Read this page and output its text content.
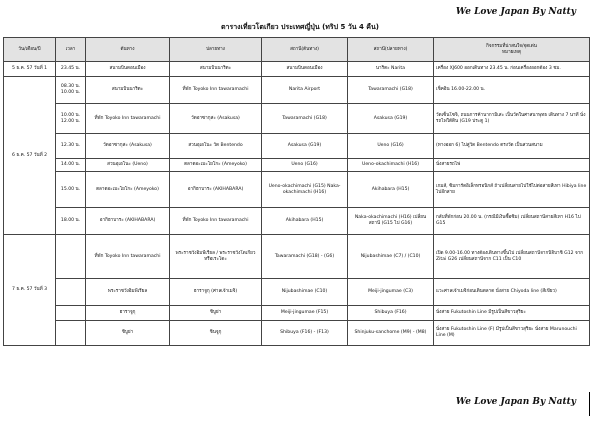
We Love Japan By Natty
ตารางเที่ยวโตเกียว ประเทศญี่ปุ่น (ทริป 5 วัน 4 คืน)
วัน/เดือน/ปี	เวลา	ต้นทาง	ปลายทาง	สถานี(ต้นทาง)	สถานี(ปลายทาง)	กิจกรรมที่น่าสนใจ/จุดเด่น
หมายเหตุ
5 ธ.ค. 57 วันที่ 1	23.45 น.	สนามบินดอนเมือง	สนามบินนาริตะ	สนามบินดอนเมือง	นาริตะ Narita	เครื่อง XJ600 ออกเดินทาง 23.45 น. ก่อนเครื่องออกต้อง 3 ชม.
6 ธ.ค. 57 วันที่ 2	08.30 น. 10.00 น.	สนามบินนาริตะ	ที่พัก Toyoko Inn tawaramachi	Narita Airport	Tawaramachi (G18)	เช็คอิน 16.00-22.00 น.
	10.00 น. 12.00 น.	ที่พัก Toyoko Inn tawaramachi	วัดอาซากุสะ (Asakusa)	Tawaramachi (G18)	Asakusa (G19)	วัดเซ็นโซจิ, ถนนการค้านากามิเสะ เป็นวัดในศาสนาพุทธ เดินทาง 7 นาที นั่งรถไฟใต้ดิน (G19 ประตู 1)
	12.30 น.	วัดอาซากุสะ (Asakusa)	สวนอุเอโนะ วัด Bentendo	Asakusa (G19)	Ueno (G16)	(ทางออก 6) ไปสู่วัด Bentendo ตรงวัด เป็นสวนสนาม
	14.00 น.	สวนอุเอโนะ (Ueno)	ตลาดอะเมะโยโกะ (Ameyoko)	Ueno (G16)	Ueno-okachimachi (H16)	นั่งสายรถไฟ
	15.00 น.	ตลาดอะเมะโยโกะ (Ameyoko)	อากิฮาบาระ (AKIHABARA)	Ueno-okachimachi (G15) Naka-okachimachi (H16)	Akihabara (H15)	เกมส์, ซิมการ์ดอิเล็กทรอนิกส์ ถ้าเปลี่ยนสายไปใช้ไปต่อสายสีเทา Hibiya line ไปอีกสาย
	18.00 น.	อากิฮาบาระ (AKIHABARA)	ที่พัก Toyoko Inn tawaramachi	Akihabara (H15)	Naka-okachimachi (H16) เปลี่ยนสถานี (G15 ไป G16)	กลับที่พักก่อน 20.00 น. (กรณีมีเงินซื้อซิม) เปลี่ยนสถานีสายสีเทา H16 ไป G15
7 ธ.ค. 57 วันที่ 3		ที่พัก Toyoko Inn tawaramachi	พระราชวังอิมพีเรียล / พระราชวังโตเกียว หรือเระโดะ	Tawaramachi (G18) - (G6)	Nijubashimae (C7) / (C10)	เปิด 9.00-16.00 ทางต้องเดินทางขึ้นไป เปลี่ยนสถานีจากนิจิบาชิ G12 จาก Zitai G26 เปลี่ยนสถานีจาก C11 เป็น C10
		พระราชวังอิมพีเรียล	ฮาราจูกุ (ศาลเจ้าเมจิ)	Nijubashimae (C10)	Meiji-jingumae (C3)	แวะศาลเจ้าเมจิก่อนเดินตลาด นั่งสาย Chiyoda line (สีเขียว)
		ฮาราจูกุ	ชิบูย่า	Meiji-jingumae (F15)	Shibuya (F16)	นั่งสาย Fukutoshin Line มีรูปเป็นสีขาวสุริยะ
		ชิบูย่า	ชินจูกุ	Shibuya (F16) - (F13)	Shinjuku-sanchome (M9) - (M8)	นั่งสาย Fukutoshin Line (F) มีรูปเป็นสีขาวสุริยะ นั่งสาย Marunouchi Line (M)
We Love Japan By Natty
